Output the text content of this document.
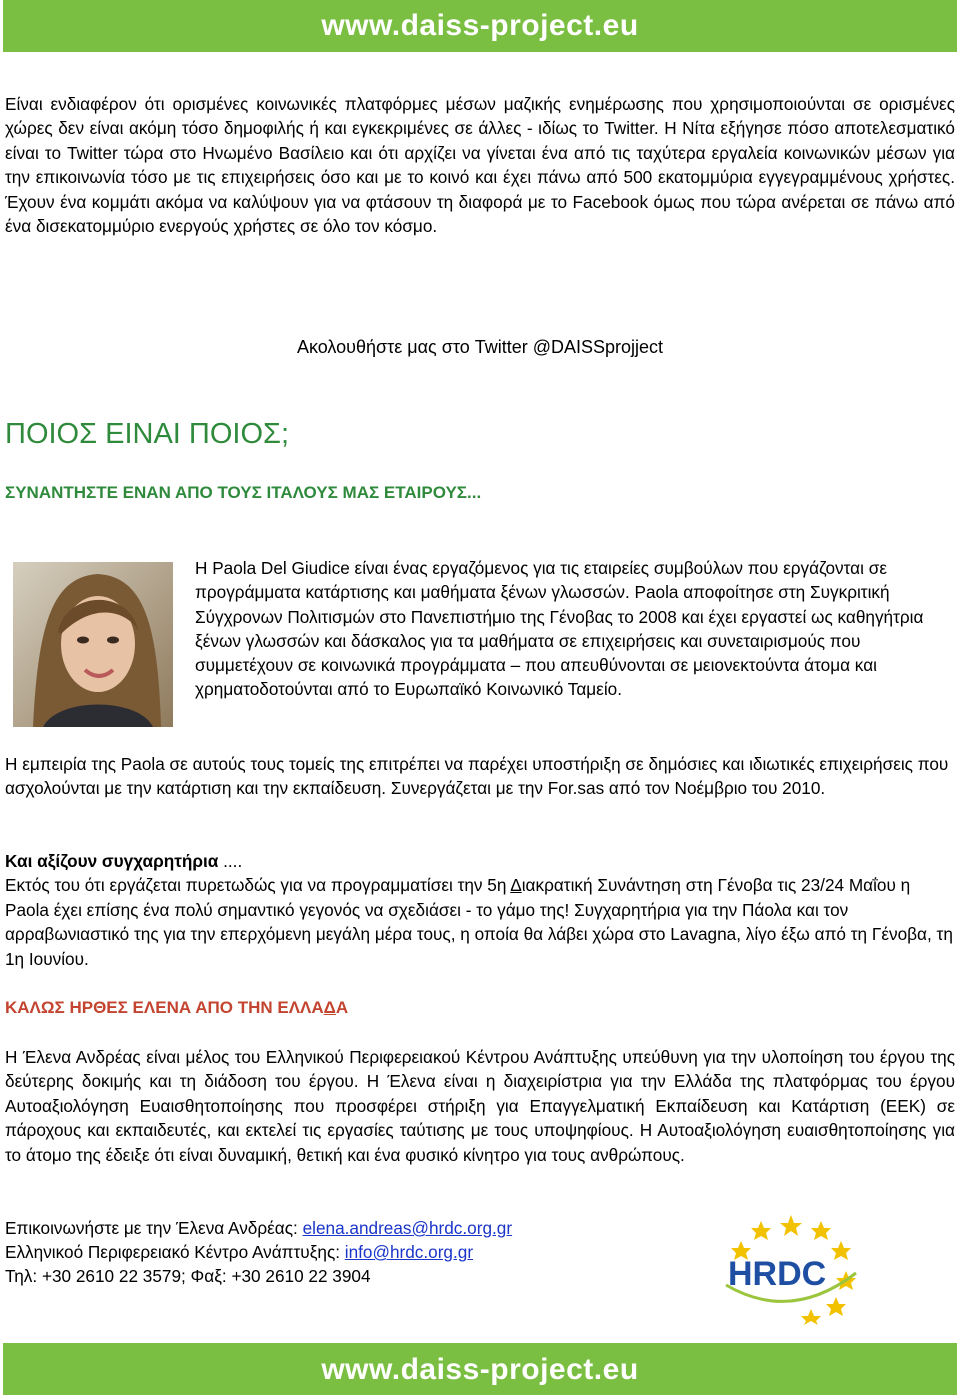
www.daiss-project.eu

Είναι ενδιαφέρον ότι ορισμένες κοινωνικές πλατφόρμες μέσων μαζικής ενημέρωσης που χρησιμοποιούνται σε ορισμένες χώρες δεν είναι ακόμη τόσο δημοφιλής ή και εγκεκριμένες σε άλλες - ιδίως το Twitter. Η Νίτα εξήγησε πόσο αποτελεσματικό είναι το Twitter τώρα στο Ηνωμένο Βασίλειο και ότι αρχίζει να γίνεται ένα από τις ταχύτερα εργαλεία κοινωνικών μέσων για την επικοινωνία τόσο με τις επιχειρήσεις όσο και με το κοινό και έχει πάνω από 500 εκατομμύρια εγγεγραμμένους χρήστες. Έχουν ένα κομμάτι ακόμα να καλύψουν για να φτάσουν τη διαφορά με το Facebook όμως που τώρα ανέρεται σε πάνω από ένα δισεκατομμύριο ενεργούς χρήστες σε όλο τον κόσμο.

Ακολουθήστε μας στο Twitter @DAISSprojject
ΠΟΙΟΣ ΕΙΝΑΙ ΠΟΙΟΣ;
ΣΥΝΑΝΤΗΣΤΕ ΕΝΑΝ ΑΠΟ ΤΟΥΣ ΙΤΑΛΟΥΣ ΜΑΣ ΕΤΑΙΡΟΥΣ...
Η Paola Del Giudice είναι ένας εργαζόμενος για τις εταιρείες συμβούλων που εργάζονται σε προγράμματα κατάρτισης και μαθήματα ξένων γλωσσών. Paola αποφοίτησε στη Συγκριτική Σύγχρονων Πολιτισμών στο Πανεπιστήμιο της Γένοβας το 2008 και έχει εργαστεί ως καθηγήτρια ξένων γλωσσών και δάσκαλος για τα μαθήματα σε επιχειρήσεις και συνεταιρισμούς που συμμετέχουν σε κοινωνικά προγράμματα – που απευθύνονται σε μειονεκτούντα άτομα και χρηματοδοτούνται από το Ευρωπαϊκό Κοινωνικό Ταμείο.

Η εμπειρία της Paola σε αυτούς τους τομείς της επιτρέπει να παρέχει υποστήριξη σε δημόσιες και ιδιωτικές επιχειρήσεις που ασχολούνται με την κατάρτιση και την εκπαίδευση. Συνεργάζεται με την For.sas από τον Νοέμβριο του 2010.

Και αξίζουν συγχαρητήρια ....
Εκτός του ότι εργάζεται πυρετωδώς για να προγραμματίσει την 5η Διακρατική Συνάντηση στη Γένοβα τις 23/24 Μαΐου η Paola έχει επίσης ένα πολύ σημαντικό γεγονός να σχεδιάσει - το γάμο της! Συγχαρητήρια για την Πάολα και τον αρραβωνιαστικό της για την επερχόμενη μεγάλη μέρα τους, η οποία θα λάβει χώρα στο Lavagna, λίγο έξω από τη Γένοβα, τη 1η Ιουνίου.

ΚΑΛΩΣ ΗΡΘΕΣ ΕΛΕΝΑ ΑΠΟ ΤΗΝ ΕΛΛΑΔΑ

Η Έλενα Ανδρέας είναι μέλος του Ελληνικού Περιφερειακού Κέντρου Ανάπτυξης υπεύθυνη για την υλοποίηση του έργου της δεύτερης δοκιμής και τη διάδοση του έργου. Η Έλενα είναι η διαχειρίστρια για την Ελλάδα της πλατφόρμας του έργου Αυτοαξιολόγηση Ευαισθητοποίησης που προσφέρει στήριξη για Επαγγελματική Εκπαίδευση και Κατάρτιση (ΕΕΚ) σε πάροχους και εκπαιδευτές, και εκτελεί τις εργασίες ταύτισης με τους υποψηφίους. Η Αυτοαξιολόγηση ευαισθητοποίησης για το άτομο της έδειξε ότι είναι δυναμική, θετική και ένα φυσικό κίνητρο για τους ανθρώπους.

Επικοινωνήστε με την Έλενα Ανδρέας: elena.andreas@hrdc.org.gr
Ελληνικοό Περιφερειακό Κέντρο Ανάπτυξης: info@hrdc.org.gr
Τηλ: +30 2610 22 3579; Φαξ: +30 2610 22 3904	HRDC
www.daiss-project.eu
